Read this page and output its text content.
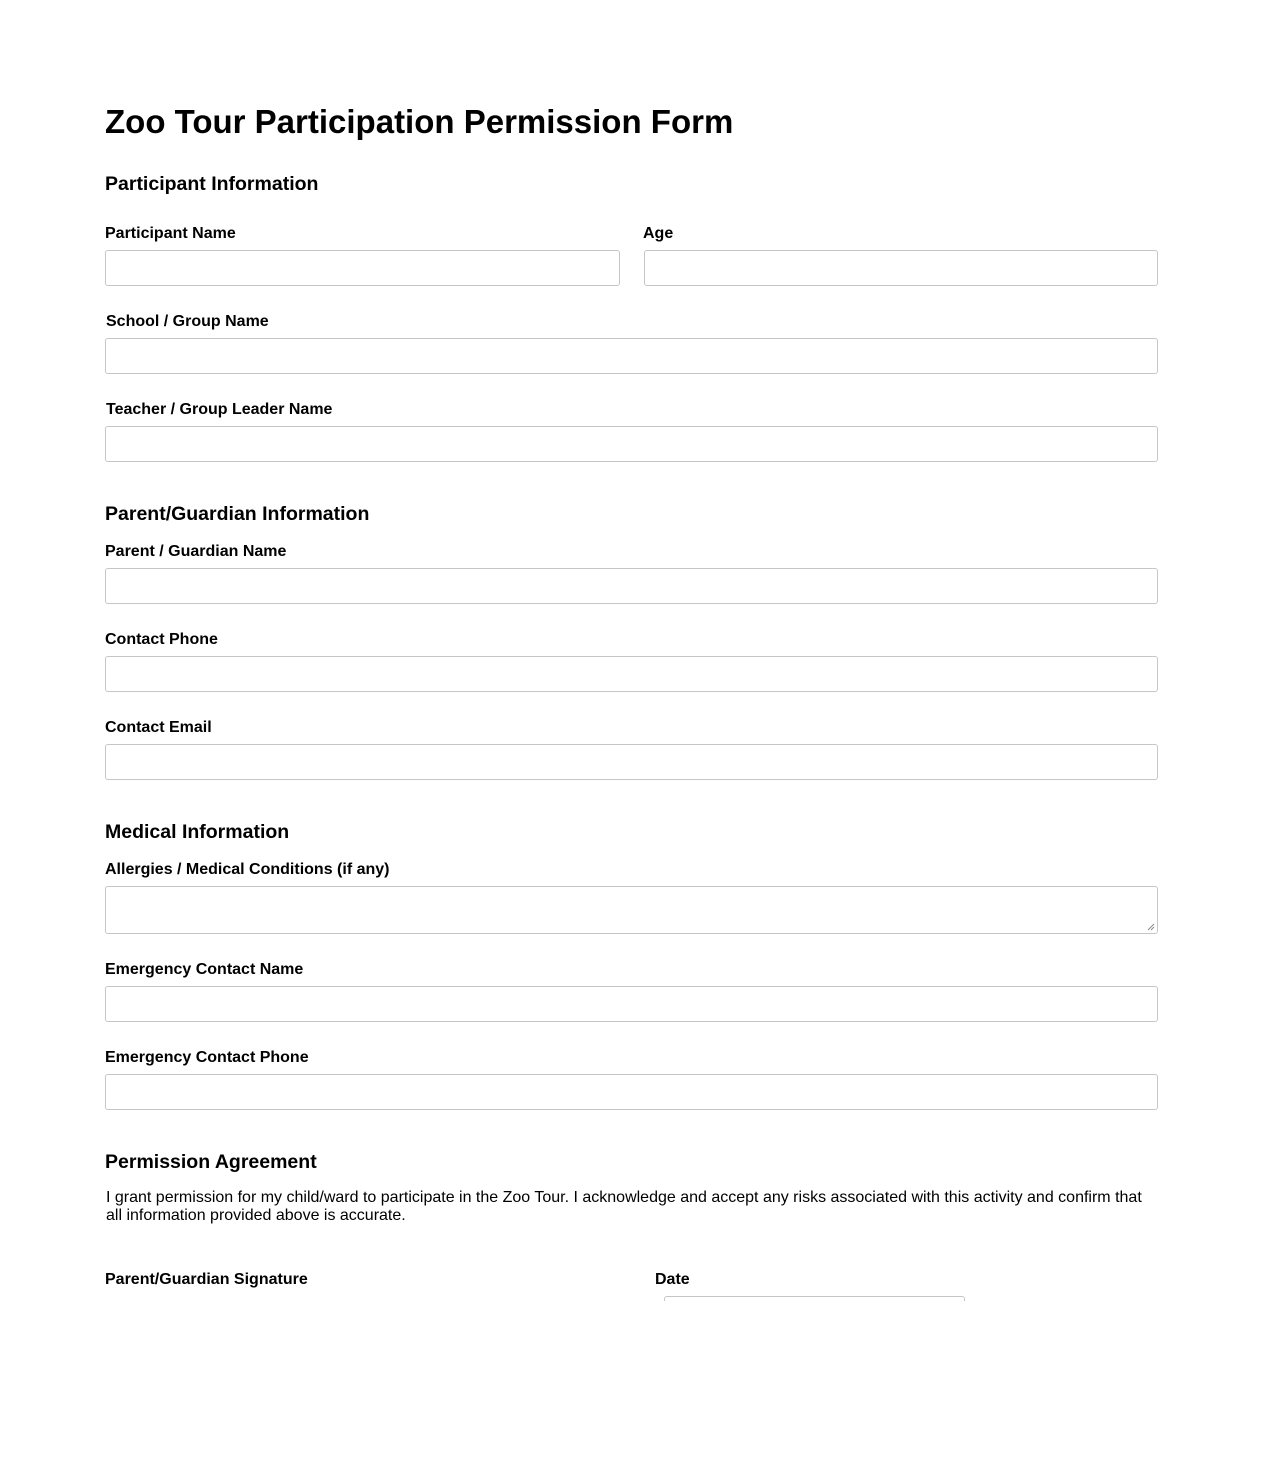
Zoo Tour Participation Permission Form
Participant Information
Participant Name	Age
School / Group Name
Teacher / Group Leader Name
Parent/Guardian Information
Parent / Guardian Name
Contact Phone
Contact Email
Medical Information
Allergies / Medical Conditions (if any)
Emergency Contact Name
Emergency Contact Phone
Permission Agreement

I grant permission for my child/ward to participate in the Zoo Tour. I acknowledge and accept any risks associated with this activity and confirm that all information provided above is accurate.

Parent/Guardian Signature	Date
